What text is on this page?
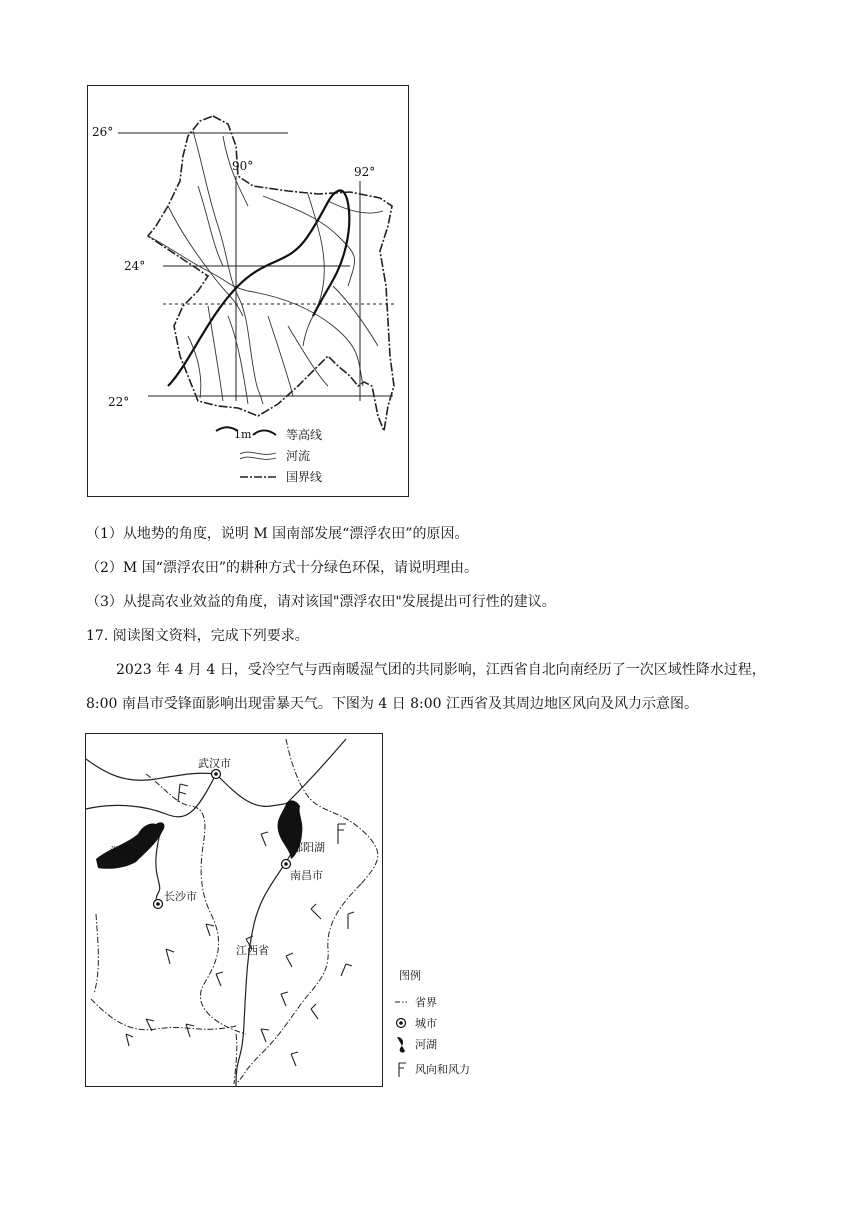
26°
24°
22°
90°	92°
1m	等高线
河流
国界线
（1）从地势的角度，说明 M 国南部发展“漂浮农田”的原因。
（2）M 国“漂浮农田”的耕种方式十分绿色环保，请说明理由。
（3）从提高农业效益的角度，请对该国"漂浮农田"发展提出可行性的建议。
17. 阅读图文资料，完成下列要求。
2023 年 4 月 4 日，受冷空气与西南暖湿气团的共同影响，江西省自北向南经历了一次区域性降水过程，
8:00 南昌市受锋面影响出现雷暴天气。下图为 4 日 8:00 江西省及其周边地区风向及风力示意图。
武汉市
洞庭湖	鄱阳湖
南昌市
长沙市
江西省
图例
省界
城市
河湖
风向和风力
